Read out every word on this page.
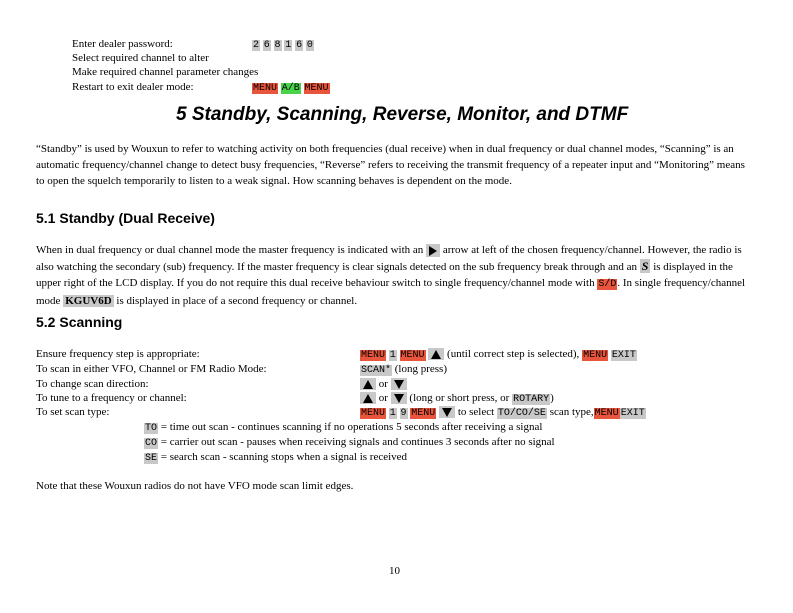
Enter dealer password:	2 6 8 1 6 0
Select required channel to alter
Make required channel parameter changes
Restart to exit dealer mode:	MENU A/B MENU
5 Standby, Scanning, Reverse, Monitor, and DTMF
“Standby” is used by Wouxun to refer to watching activity on both frequencies (dual receive) when in dual frequency or dual channel modes, “Scanning” is an automatic frequency/channel change to detect busy frequencies, “Reverse” refers to receiving the transmit frequency of a repeater input and “Monitoring” means to open the squelch temporarily to listen to a weak signal. How scanning behaves is dependent on the mode.
5.1 Standby (Dual Receive)
When in dual frequency or dual channel mode the master frequency is indicated with an arrow at left of the chosen frequency/channel. However, the radio is also watching the secondary (sub) frequency. If the master frequency is clear signals detected on the sub frequency break through and an S is displayed in the upper right of the LCD display. If you do not require this dual receive behaviour switch to single frequency/channel mode with S/D. In single frequency/channel mode KGUV6D is displayed in place of a second frequency or channel.
5.2 Scanning
Ensure frequency step is appropriate:	MENU 1 MENU (until correct step is selected), MENU EXIT
To scan in either VFO, Channel or FM Radio Mode:	SCAN* (long press)
To change scan direction:	or
To tune to a frequency or channel:	or (long or short press, or ROTARY)
To set scan type:	MENU 1 9 MENU to select TO/CO/SE scan type,MENU EXIT
TO = time out scan - continues scanning if no operations 5 seconds after receiving a signal
CO = carrier out scan - pauses when receiving signals and continues 3 seconds after no signal
SE = search scan - scanning stops when a signal is received
Note that these Wouxun radios do not have VFO mode scan limit edges.
10
